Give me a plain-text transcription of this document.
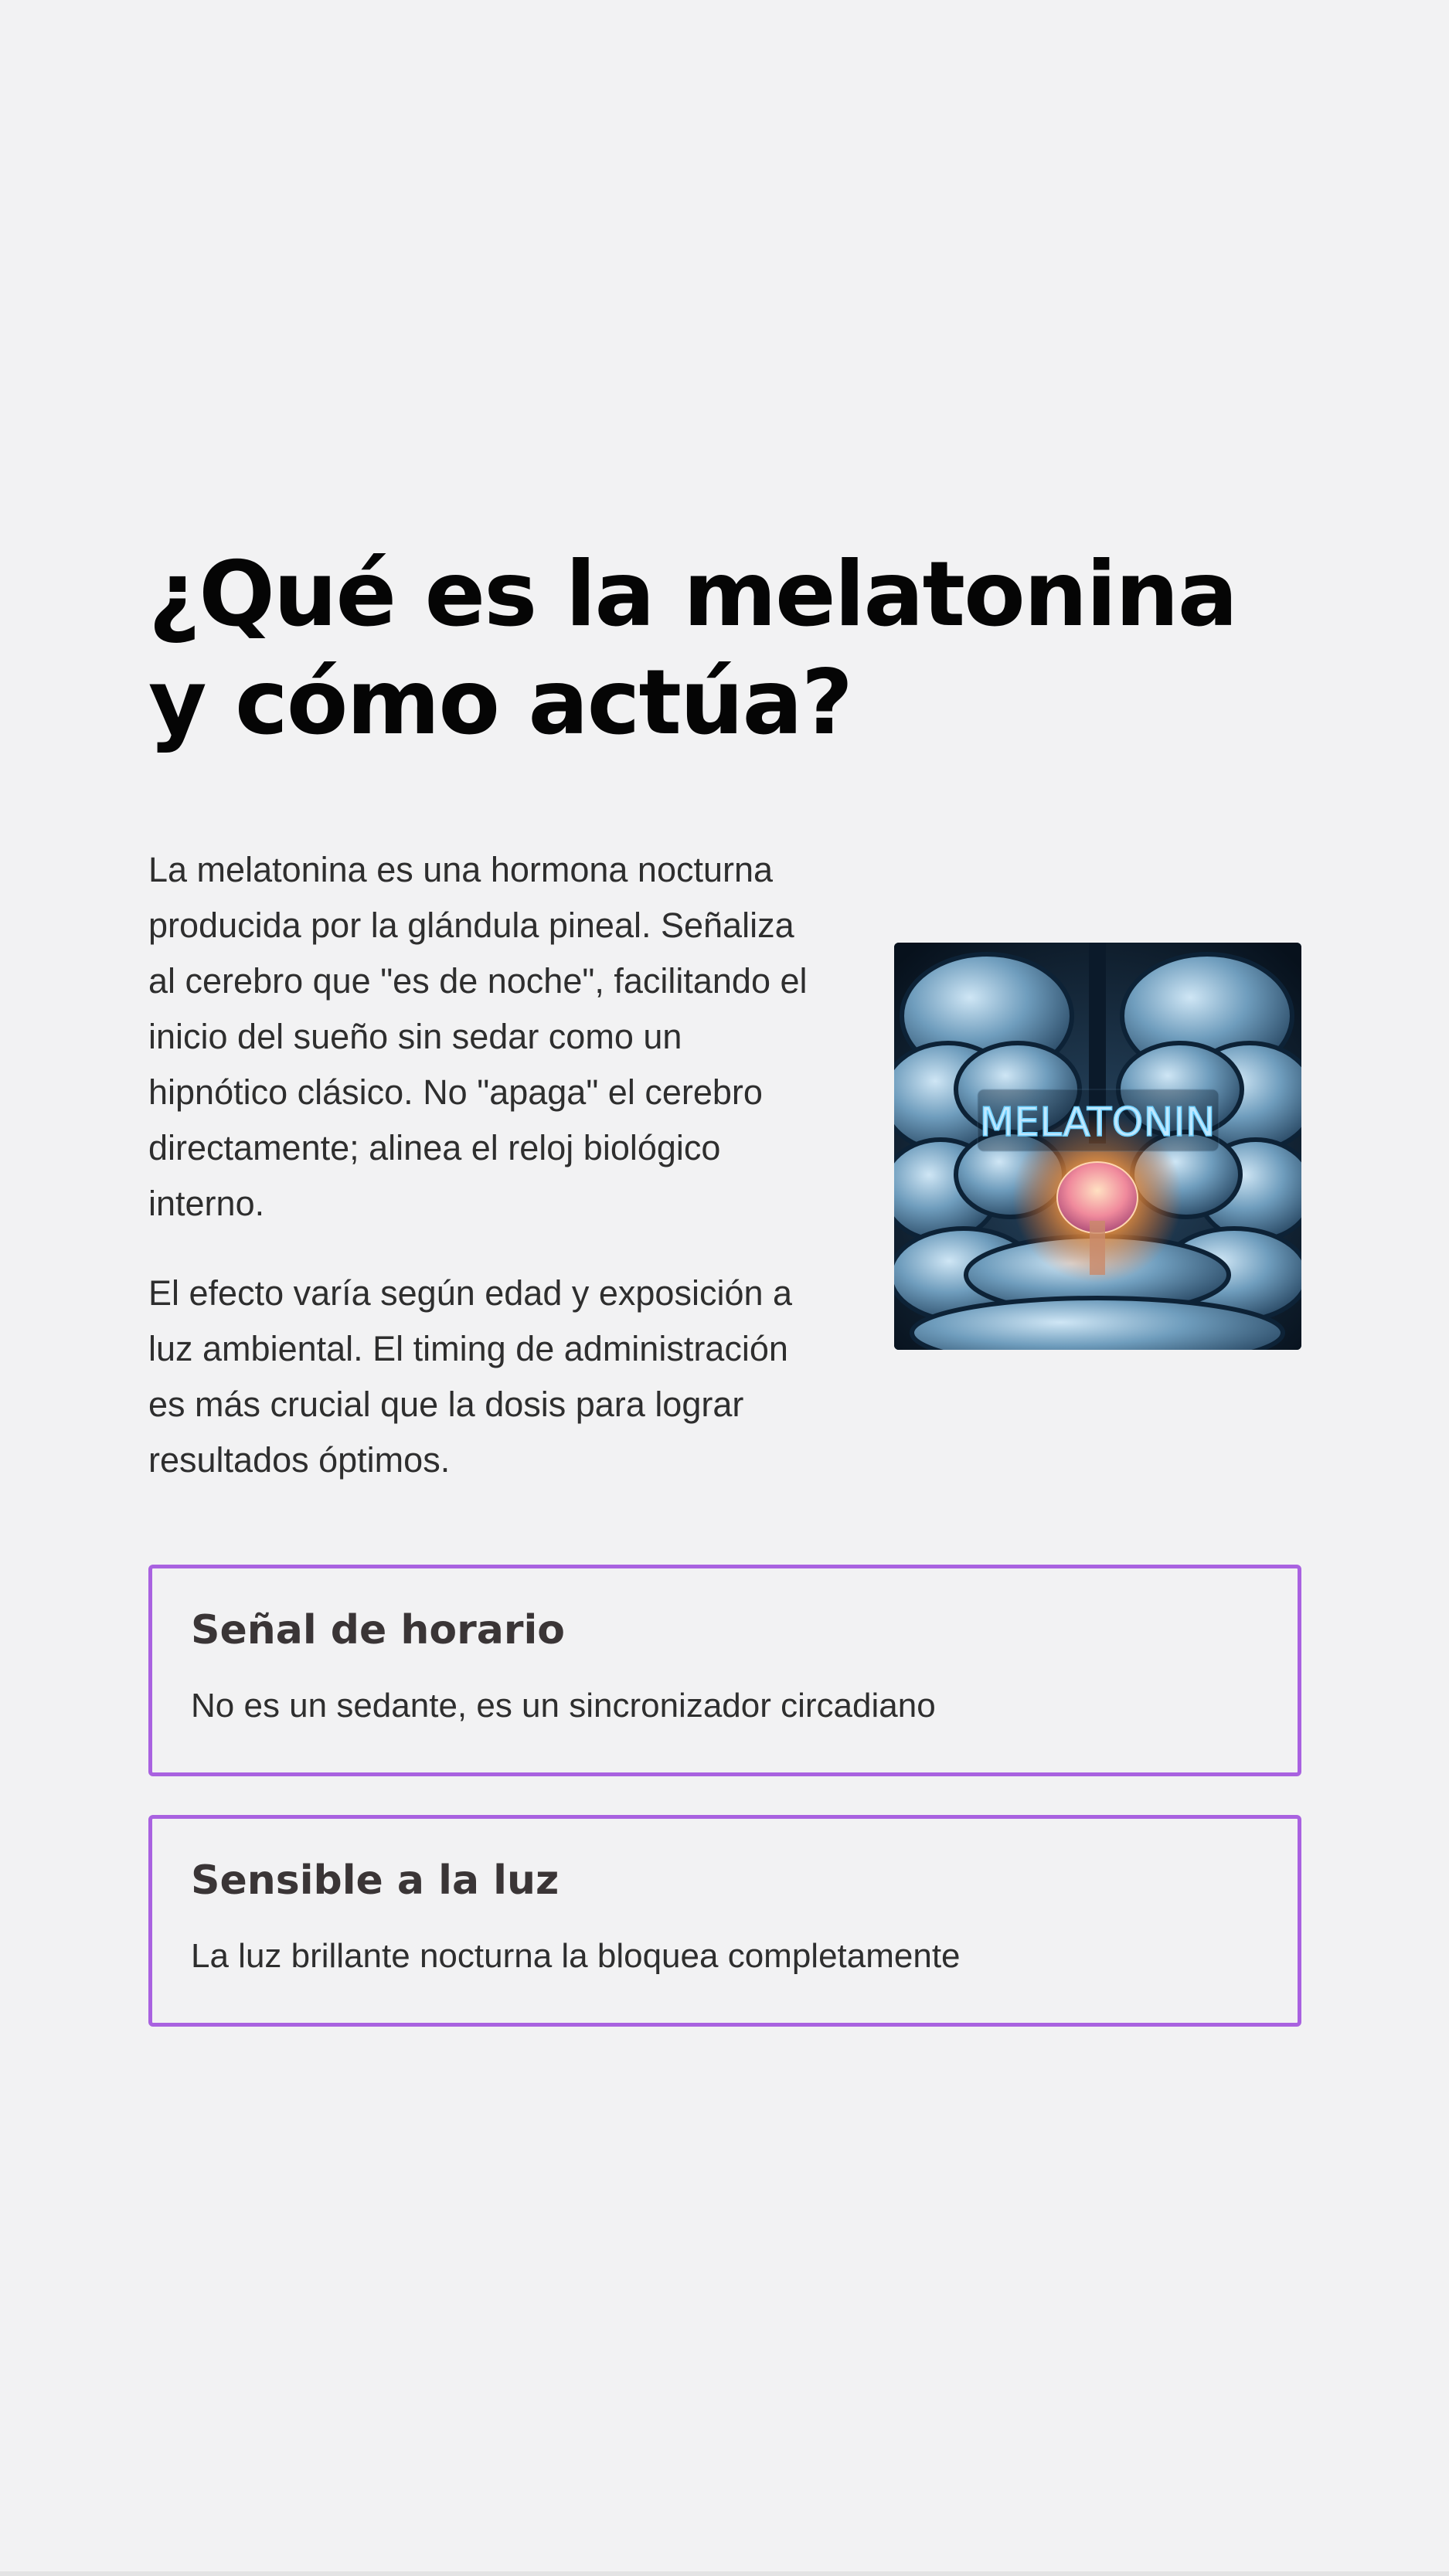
¿Qué es la melatonina y cómo actúa?

La melatonina es una hormona nocturna producida por la glándula pineal. Señaliza al cerebro que "es de noche", facilitando el inicio del sueño sin sedar como un hipnótico clásico. No "apaga" el cerebro directamente; alinea el reloj biológico interno.

El efecto varía según edad y exposición a luz ambiental. El timing de administración es más crucial que la dosis para lograr resultados óptimos.

MELATONIN
Señal de horario

No es un sedante, es un sincronizador circadiano

Sensible a la luz

La luz brillante nocturna la bloquea completamente
